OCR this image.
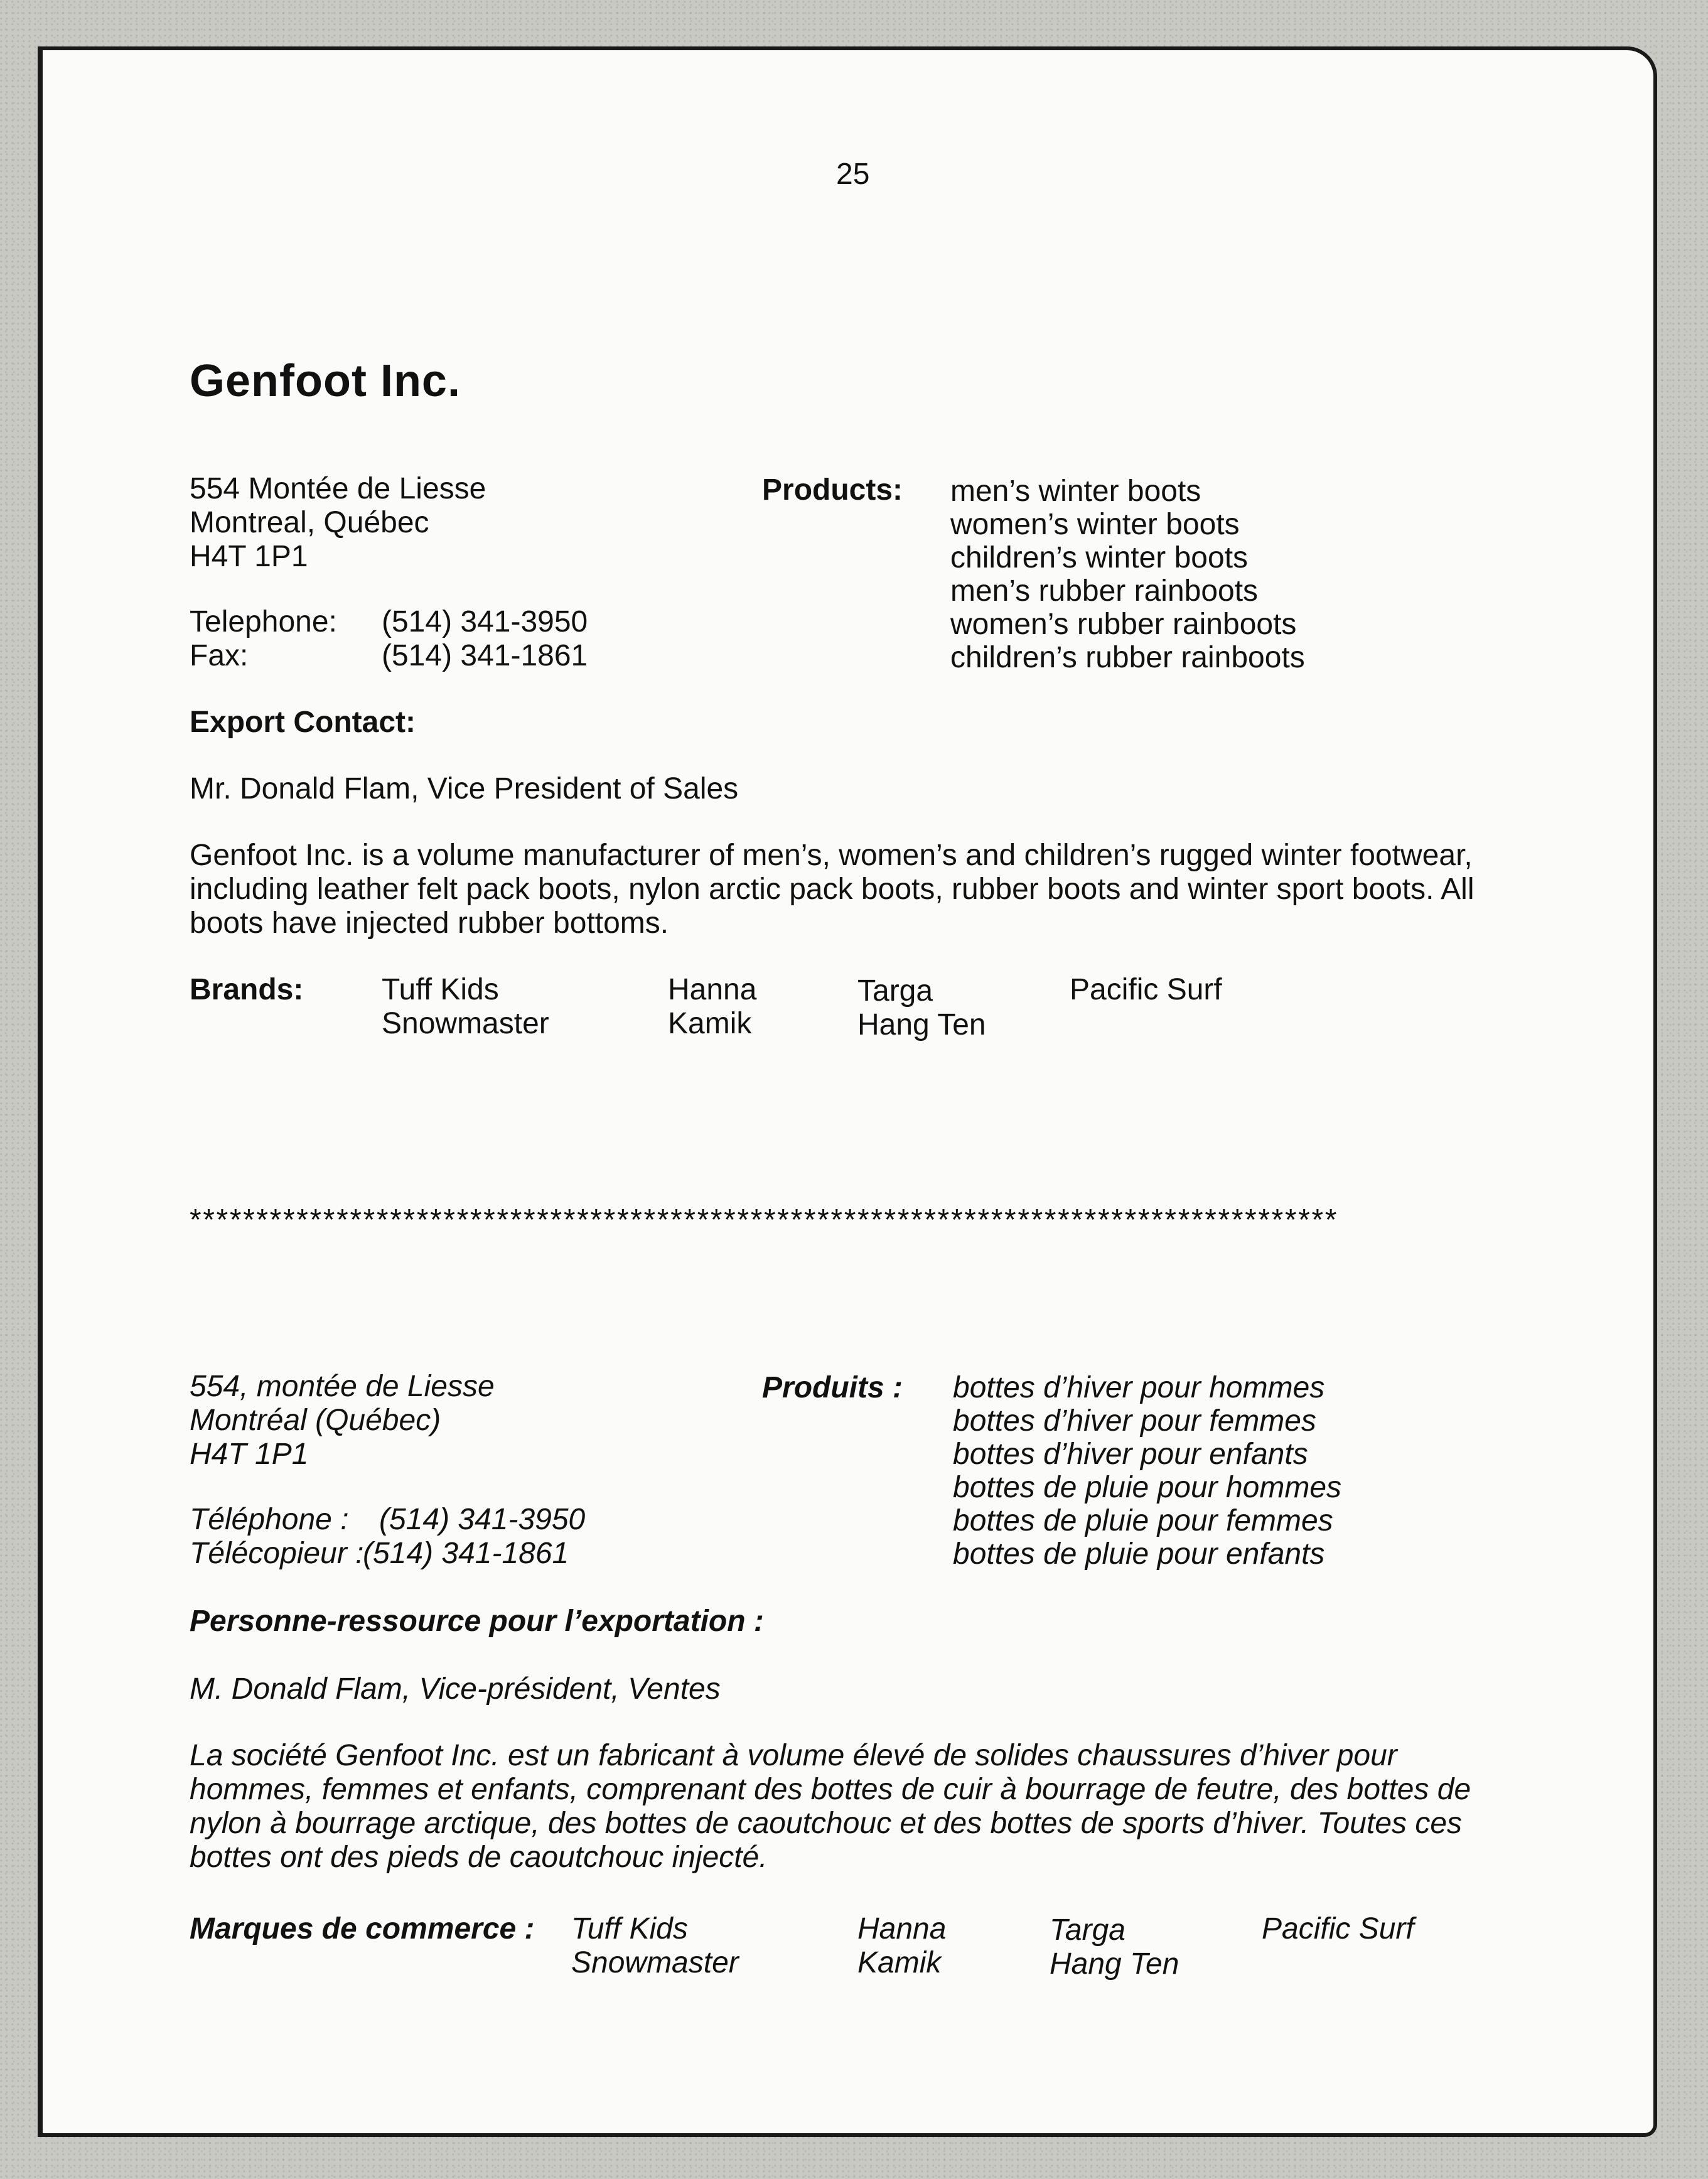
25
Genfoot Inc.
554 Montée de Liesse
Montreal, Québec
H4T 1P1
Telephone: (514) 341-3950
Fax:	(514) 341-1861
Products: men’s winter boots
women’s winter boots
children’s winter boots
men’s rubber rainboots
women’s rubber rainboots
children’s rubber rainboots
Export Contact:
Mr. Donald Flam, Vice President of Sales
Genfoot Inc. is a volume manufacturer of men’s, women’s and children’s rugged winter footwear, including leather felt pack boots, nylon arctic pack boots, rubber boots and winter sport boots. All boots have injected rubber bottoms.
Brands:	Tuff Kids
Snowmaster
Hanna
Kamik
Targa
Hang Ten
Pacific Surf
**************************************************************************************
554, montée de Liesse
Montréal (Québec)
H4T 1P1
Téléphone : (514) 341-3950
Télécopieur :
(514) 341-1861
Produits : bottes d’hiver pour hommes
bottes d’hiver pour femmes
bottes d’hiver pour enfants
bottes de pluie pour hommes
bottes de pluie pour femmes
bottes de pluie pour enfants
Personne-ressource pour l’exportation :
M. Donald Flam, Vice-président, Ventes
La société Genfoot Inc. est un fabricant à volume élevé de solides chaussures d’hiver pour hommes, femmes et enfants, comprenant des bottes de cuir à bourrage de feutre, des bottes de nylon à bourrage arctique, des bottes de caoutchouc et des bottes de sports d’hiver. Toutes ces bottes ont des pieds de caoutchouc injecté.
Marques de commerce : Tuff Kids
Snowmaster
Hanna
Kamik
Targa
Hang Ten
Pacific Surf
